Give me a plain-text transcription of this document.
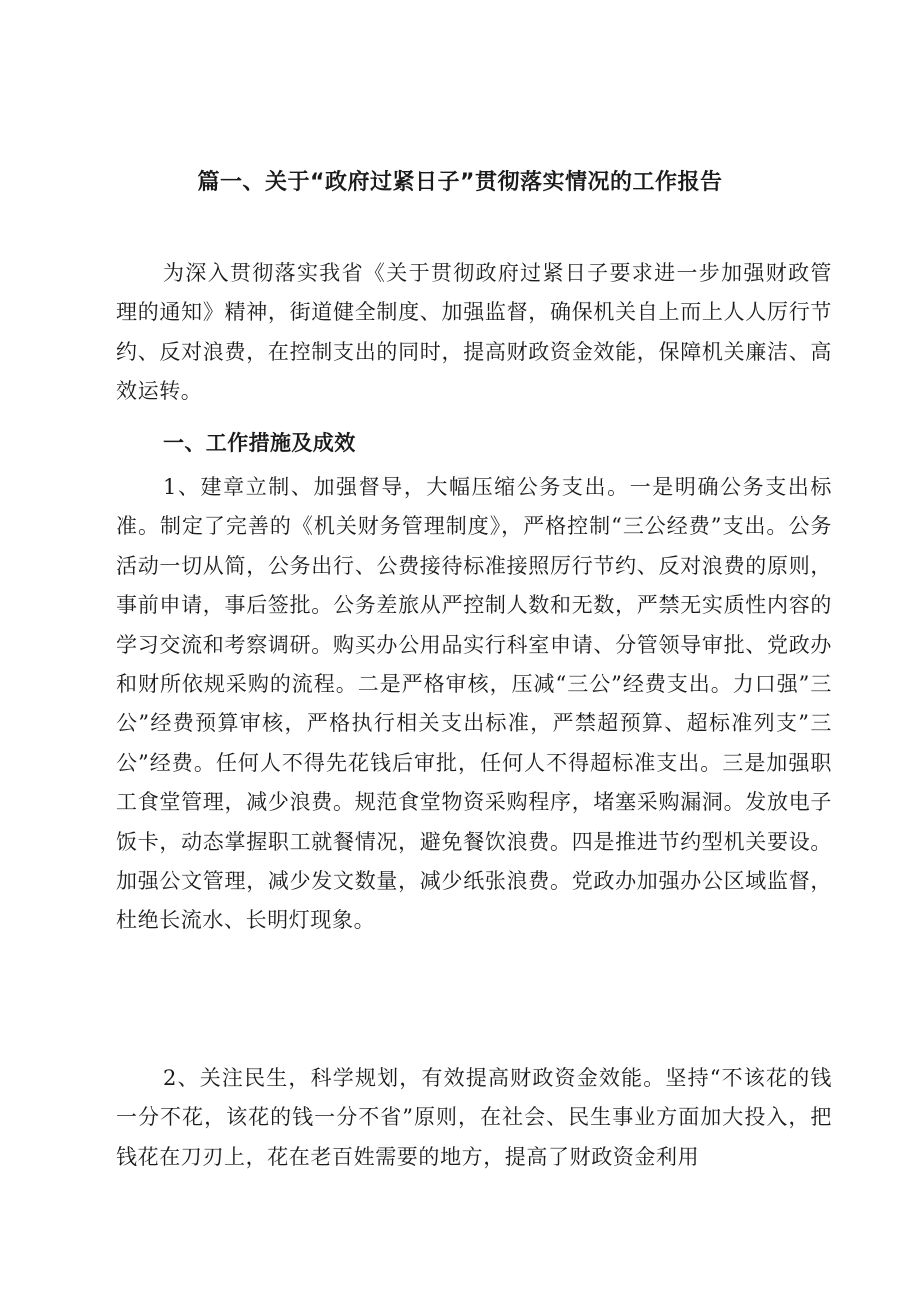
篇一、关于“政府过紧日子”贯彻落实情况的工作报告

为深入贯彻落实我省《关于贯彻政府过紧日子要求进一步加强财政管理的通知》精神，街道健全制度、加强监督，确保机关自上而上人人厉行节约、反对浪费，在控制支出的同时，提高财政资金效能，保障机关廉洁、高效运转。

一、工作措施及成效

1、建章立制、加强督导，大幅压缩公务支出。一是明确公务支出标准。制定了完善的《机关财务管理制度》，严格控制“三公经费”支出。公务活动一切从简，公务出行、公费接待标准接照厉行节约、反对浪费的原则，事前申请，事后签批。公务差旅从严控制人数和无数，严禁无实质性内容的学习交流和考察调研。购买办公用品实行科室申请、分管领导审批、党政办和财所依规采购的流程。二是严格审核，压减“三公”经费支出。力口强”三公”经费预算审核，严格执行相关支出标准，严禁超预算、超标准列支”三公”经费。任何人不得先花钱后审批，任何人不得超标准支出。三是加强职工食堂管理，减少浪费。规范食堂物资采购程序，堵塞采购漏洞。发放电子饭卡，动态掌握职工就餐情况，避免餐饮浪费。四是推进节约型机关要设。加强公文管理，减少发文数量，减少纸张浪费。党政办加强办公区域监督，杜绝长流水、长明灯现象。

2、关注民生，科学规划，有效提高财政资金效能。坚持“不该花的钱一分不花，该花的钱一分不省”原则，在社会、民生事业方面加大投入，把钱花在刀刃上，花在老百姓需要的地方，提高了财政资金利用
